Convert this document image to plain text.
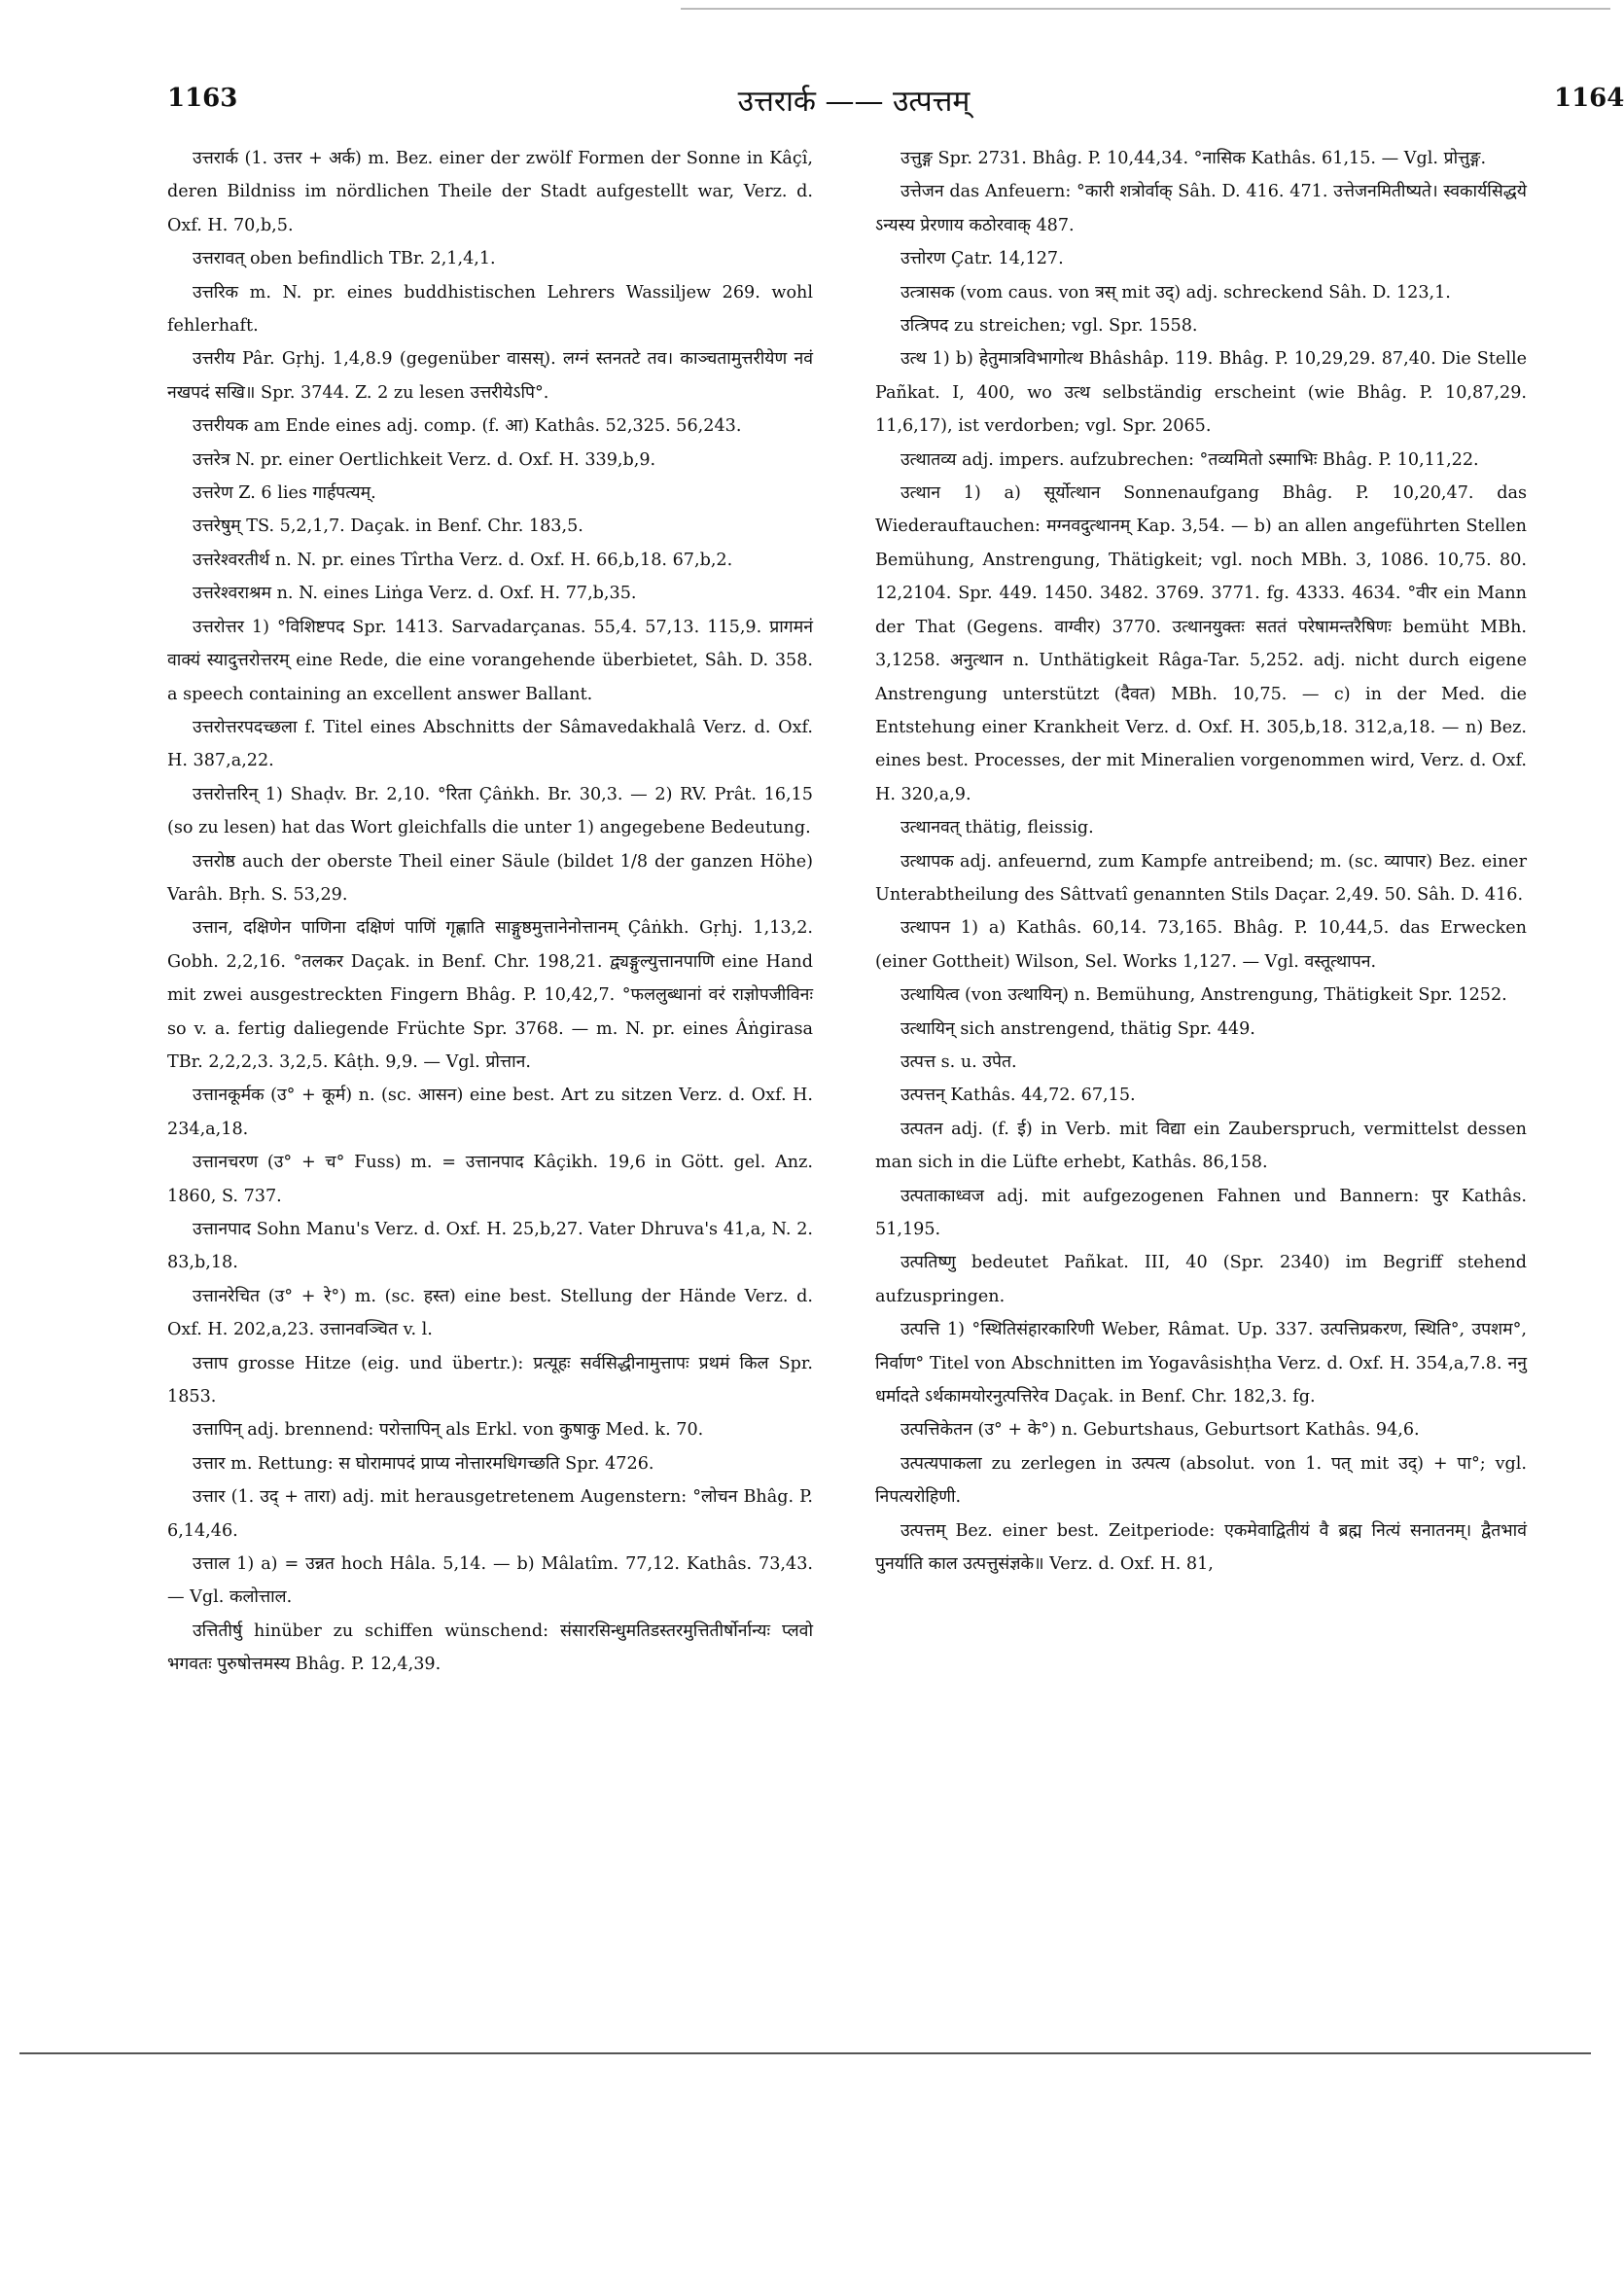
1163	उत्तरार्क —— उत्पत्तम्	1164

उत्तरार्क (1. उत्तर + अर्क) m. Bez. einer der zwölf Formen der Sonne in Kâçî, deren Bildniss im nördlichen Theile der Stadt aufgestellt war, Verz. d. Oxf. H. 70,b,5.

उत्तरावत् oben befindlich TBr. 2,1,4,1.

उत्तरिक m. N. pr. eines buddhistischen Lehrers Wassiljew 269. wohl fehlerhaft.

उत्तरीय Pâr. Gṛhj. 1,4,8.9 (gegenüber वासस्). लग्नं स्तनतटे तव। काञ्चतामुत्तरीयेण नवं नखपदं सखि॥ Spr. 3744. Z. 2 zu lesen उत्तरीयेऽपि°.

उत्तरीयक am Ende eines adj. comp. (f. आ) Kathâs. 52,325. 56,243.

उत्तरेत्र N. pr. einer Oertlichkeit Verz. d. Oxf. H. 339,b,9.

उत्तरेण Z. 6 lies गार्हपत्यम्.

उत्तरेषुम् TS. 5,2,1,7. Daçak. in Benf. Chr. 183,5.

उत्तरेश्वरतीर्थ n. N. pr. eines Tîrtha Verz. d. Oxf. H. 66,b,18. 67,b,2.

उत्तरेश्वराश्रम n. N. eines Liṅga Verz. d. Oxf. H. 77,b,35.

उत्तरोत्तर 1) °विशिष्टपद Spr. 1413. Sarvadarçanas. 55,4. 57,13. 115,9. प्रागमनं वाक्यं स्यादुत्तरोत्तरम् eine Rede, die eine vorangehende überbietet, Sâh. D. 358. a speech containing an excellent answer Ballant.

उत्तरोत्तरपदच्छला f. Titel eines Abschnitts der Sâmavedakhalâ Verz. d. Oxf. H. 387,a,22.

उत्तरोत्तरिन् 1) Shaḍv. Br. 2,10. °रिता Çâṅkh. Br. 30,3. — 2) RV. Prât. 16,15 (so zu lesen) hat das Wort gleichfalls die unter 1) angegebene Bedeutung.

उत्तरोष्ठ auch der oberste Theil einer Säule (bildet 1/8 der ganzen Höhe) Varâh. Bṛh. S. 53,29.

उत्तान, दक्षिणेन पाणिना दक्षिणं पाणिं गृह्णाति साङ्गुष्ठमुत्तानेनोत्तानम् Çâṅkh. Gṛhj. 1,13,2. Gobh. 2,2,16. °तलकर Daçak. in Benf. Chr. 198,21. द्व्यङ्गुल्युत्तानपाणि eine Hand mit zwei ausgestreckten Fingern Bhâg. P. 10,42,7. °फललुब्धानां वरं राज्ञोपजीविनः so v. a. fertig daliegende Früchte Spr. 3768. — m. N. pr. eines Âṅgirasa TBr. 2,2,2,3. 3,2,5. Kâṭh. 9,9. — Vgl. प्रोत्तान.

उत्तानकूर्मक (उ° + कूर्म) n. (sc. आसन) eine best. Art zu sitzen Verz. d. Oxf. H. 234,a,18.

उत्तानचरण (उ° + च° Fuss) m. = उत्तानपाद Kâçikh. 19,6 in Gött. gel. Anz. 1860, S. 737.

उत्तानपाद Sohn Manu's Verz. d. Oxf. H. 25,b,27. Vater Dhruva's 41,a, N. 2. 83,b,18.

उत्तानरेचित (उ° + रे°) m. (sc. हस्त) eine best. Stellung der Hände Verz. d. Oxf. H. 202,a,23. उत्तानवञ्चित v. l.

उत्ताप grosse Hitze (eig. und übertr.): प्रत्यूहः सर्वसिद्धीनामुत्तापः प्रथमं किल Spr. 1853.

उत्तापिन् adj. brennend: परोत्तापिन् als Erkl. von कुषाकु Med. k. 70.

उत्तार m. Rettung: स घोरामापदं प्राप्य नोत्तारमधिगच्छति Spr. 4726.

उत्तार (1. उद् + तारा) adj. mit herausgetretenem Augenstern: °लोचन Bhâg. P. 6,14,46.

उत्ताल 1) a) = उन्नत hoch Hâla. 5,14. — b) Mâlatîm. 77,12. Kathâs. 73,43. — Vgl. कलोत्ताल.

उत्तितीर्षु hinüber zu schiffen wünschend: संसारसिन्धुमतिडस्तरमुत्तितीर्षोर्नान्यः प्लवो भगवतः पुरुषोत्तमस्य Bhâg. P. 12,4,39.

उत्तुङ्ग Spr. 2731. Bhâg. P. 10,44,34. °नासिक Kathâs. 61,15. — Vgl. प्रोत्तुङ्ग.

उत्तेजन das Anfeuern: °कारी शत्रोर्वाक् Sâh. D. 416. 471. उत्तेजनमितीष्यते। स्वकार्यसिद्धये ऽन्यस्य प्रेरणाय कठोरवाक् 487.

उत्तोरण Çatr. 14,127.

उत्त्रासक (vom caus. von त्रस् mit उद्) adj. schreckend Sâh. D. 123,1.

उत्त्रिपद zu streichen; vgl. Spr. 1558.

उत्थ 1) b) हेतुमात्रविभागोत्थ Bhâshâp. 119. Bhâg. P. 10,29,29. 87,40. Die Stelle Pañkat. I, 400, wo उत्थ selbständig erscheint (wie Bhâg. P. 10,87,29. 11,6,17), ist verdorben; vgl. Spr. 2065.

उत्थातव्य adj. impers. aufzubrechen: °तव्यमितो ऽस्माभिः Bhâg. P. 10,11,22.

उत्थान 1) a) सूर्योत्थान Sonnenaufgang Bhâg. P. 10,20,47. das Wiederauftauchen: मग्नवदुत्थानम् Kap. 3,54. — b) an allen angeführten Stellen Bemühung, Anstrengung, Thätigkeit; vgl. noch MBh. 3, 1086. 10,75. 80. 12,2104. Spr. 449. 1450. 3482. 3769. 3771. fg. 4333. 4634. °वीर ein Mann der That (Gegens. वाग्वीर) 3770. उत्थानयुक्तः सततं परेषामन्तरैषिणः bemüht MBh. 3,1258. अनुत्थान n. Unthätigkeit Râga-Tar. 5,252. adj. nicht durch eigene Anstrengung unterstützt (दैवत) MBh. 10,75. — c) in der Med. die Entstehung einer Krankheit Verz. d. Oxf. H. 305,b,18. 312,a,18. — n) Bez. eines best. Processes, der mit Mineralien vorgenommen wird, Verz. d. Oxf. H. 320,a,9.

उत्थानवत् thätig, fleissig.

उत्थापक adj. anfeuernd, zum Kampfe antreibend; m. (sc. व्यापार) Bez. einer Unterabtheilung des Sâttvatî genannten Stils Daçar. 2,49. 50. Sâh. D. 416.

उत्थापन 1) a) Kathâs. 60,14. 73,165. Bhâg. P. 10,44,5. das Erwecken (einer Gottheit) Wilson, Sel. Works 1,127. — Vgl. वस्तूत्थापन.

उत्थायित्व (von उत्थायिन्) n. Bemühung, Anstrengung, Thätigkeit Spr. 1252.

उत्थायिन् sich anstrengend, thätig Spr. 449.

उत्पत्त s. u. उपेत.

उत्पत्तन् Kathâs. 44,72. 67,15.

उत्पतन adj. (f. ई) in Verb. mit विद्या ein Zauberspruch, vermittelst dessen man sich in die Lüfte erhebt, Kathâs. 86,158.

उत्पताकाध्वज adj. mit aufgezogenen Fahnen und Bannern: पुर Kathâs. 51,195.

उत्पतिष्णु bedeutet Pañkat. III, 40 (Spr. 2340) im Begriff stehend aufzuspringen.

उत्पत्ति 1) °स्थितिसंहारकारिणी Weber, Râmat. Up. 337. उत्पत्तिप्रकरण, स्थिति°, उपशम°, निर्वाण° Titel von Abschnitten im Yogavâsishṭha Verz. d. Oxf. H. 354,a,7.8. ननु धर्मादते ऽर्थकामयोरनुत्पत्तिरेव Daçak. in Benf. Chr. 182,3. fg.

उत्पत्तिकेतन (उ° + के°) n. Geburtshaus, Geburtsort Kathâs. 94,6.

उत्पत्यपाकला zu zerlegen in उत्पत्य (absolut. von 1. पत् mit उद्) + पा°; vgl. निपत्यरोहिणी.

उत्पत्तम् Bez. einer best. Zeitperiode: एकमेवाद्वितीयं वै ब्रह्म नित्यं सनातनम्। द्वैतभावं पुनर्याति काल उत्पत्तुसंज्ञके॥ Verz. d. Oxf. H. 81,
